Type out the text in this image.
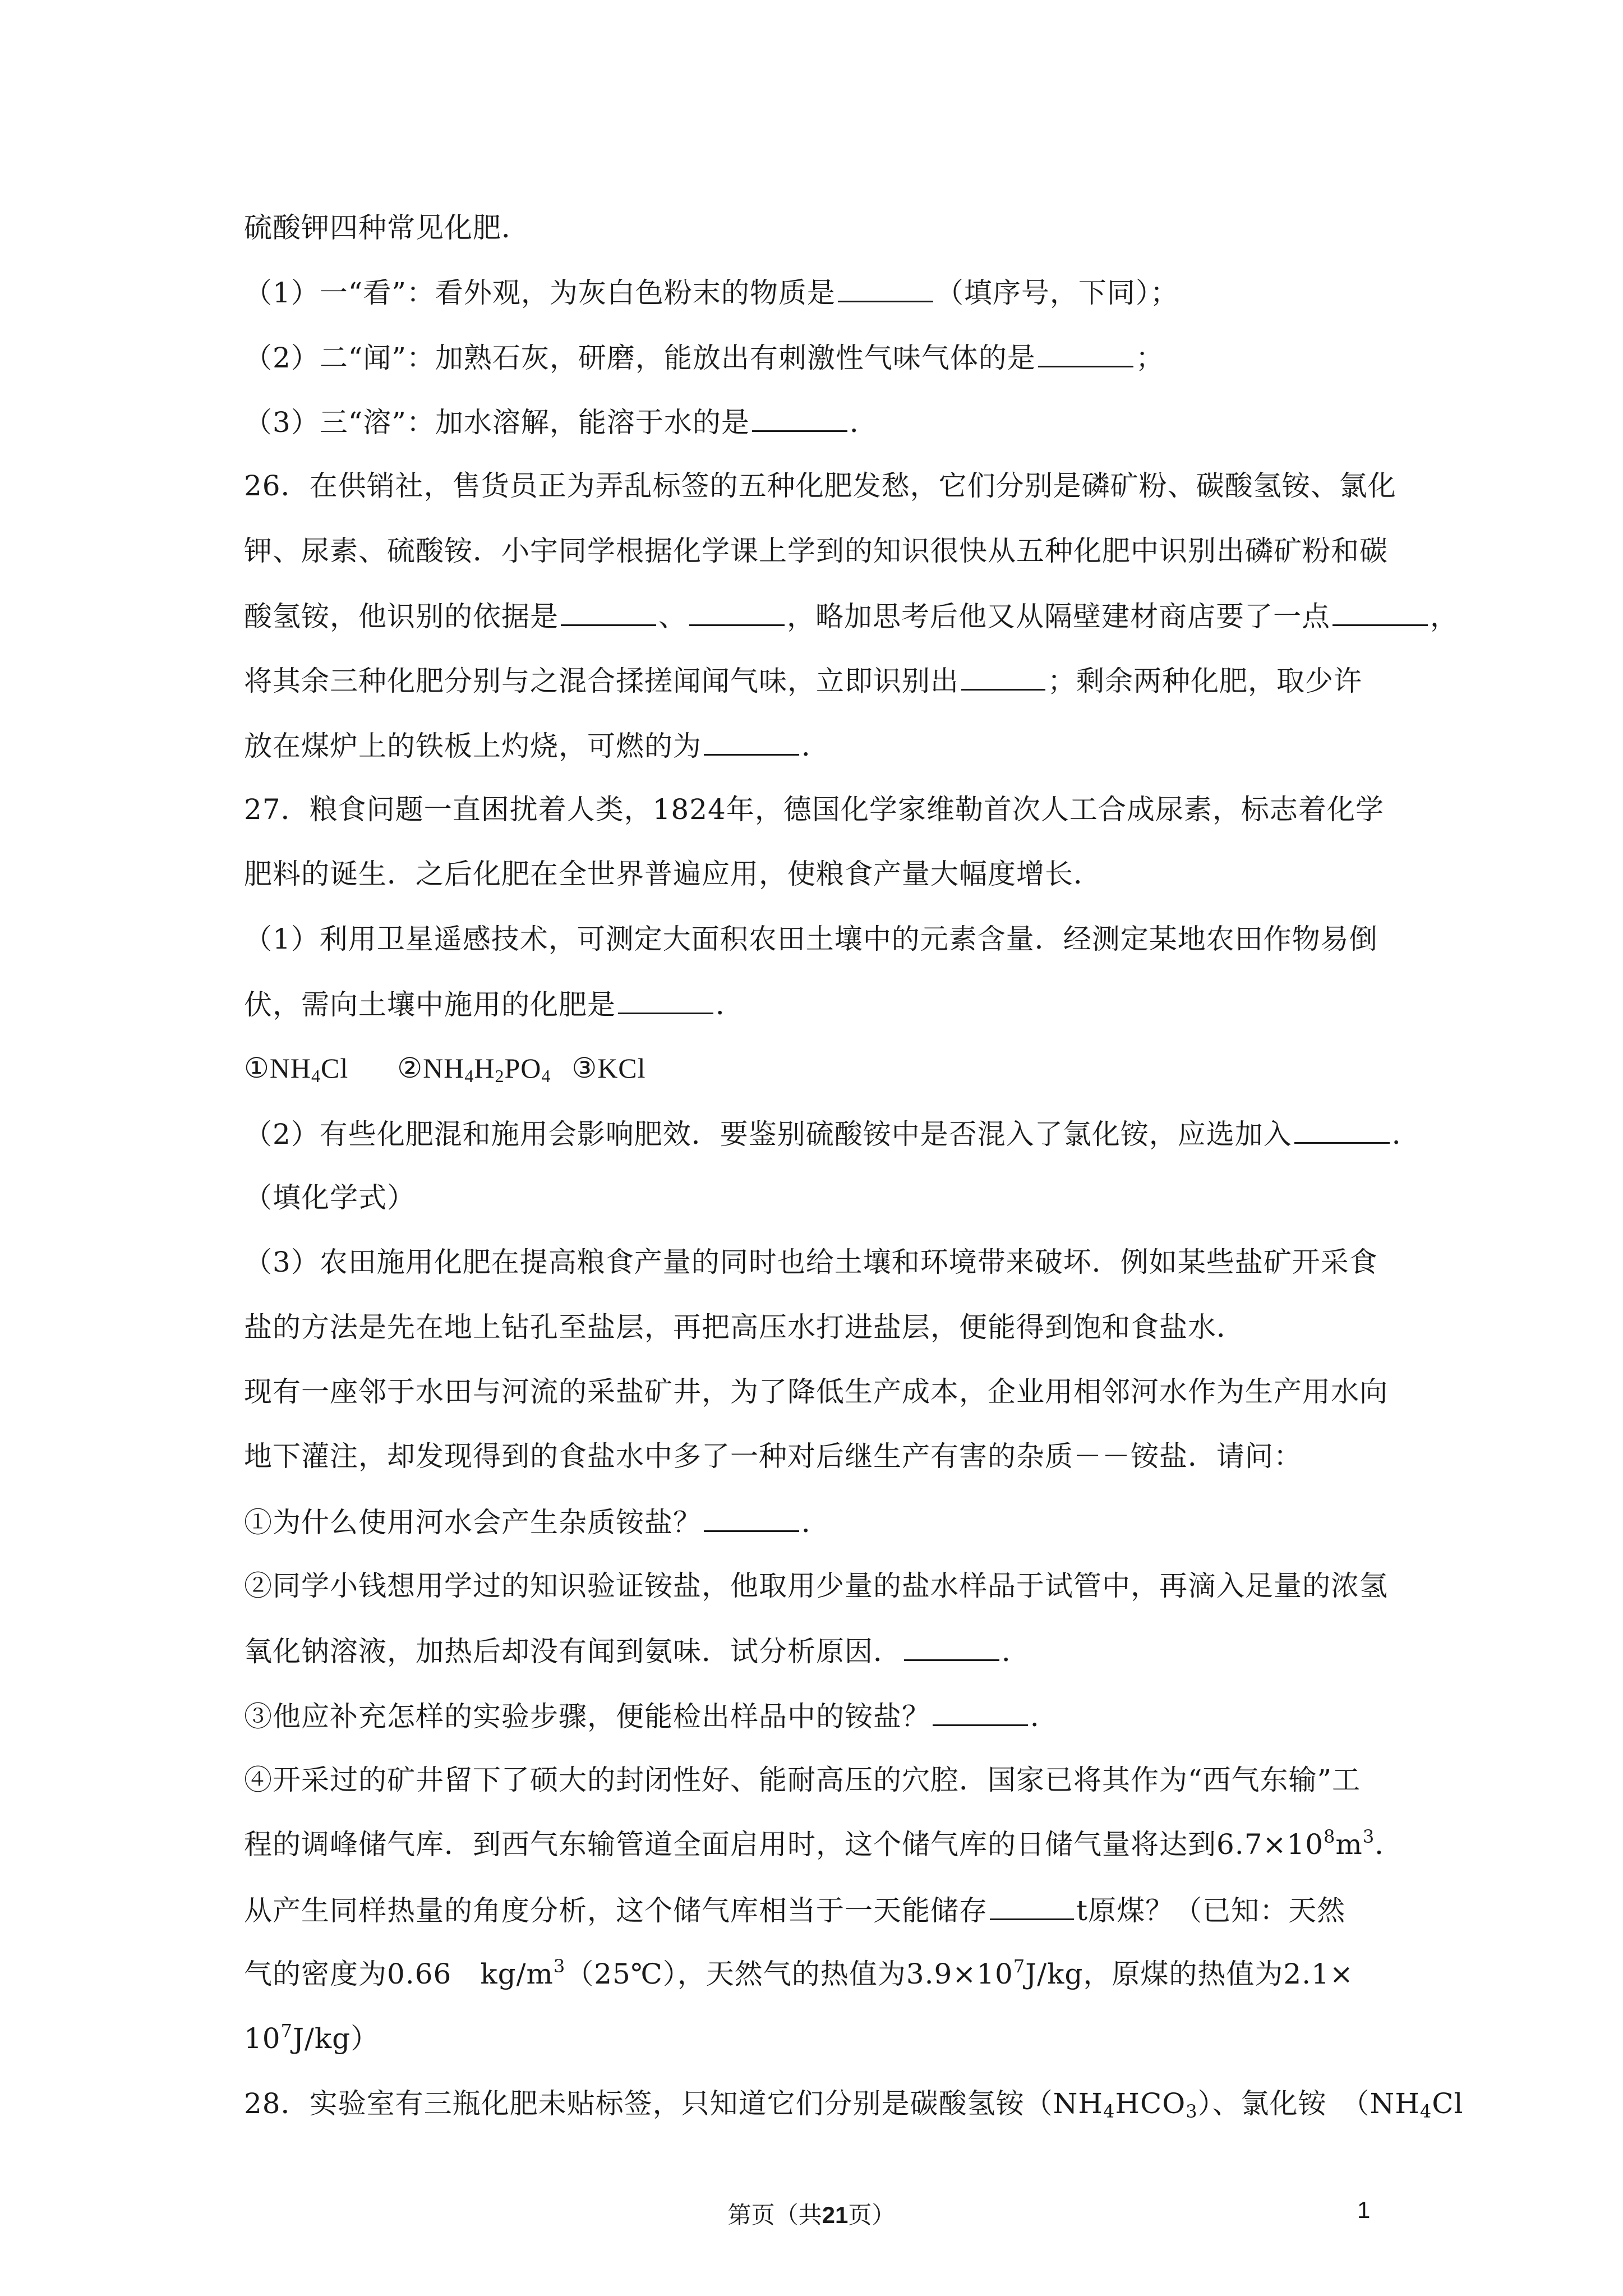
硫酸钾四种常见化肥．
（1）一“看”：看外观，为灰白色粉末的物质是	（填序号，下同）；
（2）二“闻”：加熟石灰，研磨，能放出有刺激性气味气体的是	；
（3）三“溶”：加水溶解，能溶于水的是	．
26．在供销社，售货员正为弄乱标签的五种化肥发愁，它们分别是磷矿粉、碳酸氢铵、氯化
钾、尿素、硫酸铵．小宇同学根据化学课上学到的知识很快从五种化肥中识别出磷矿粉和碳
酸氢铵，他识别的依据是	、	，略加思考后他又从隔壁建材商店要了一点	，
将其余三种化肥分别与之混合揉搓闻闻气味，立即识别出	；剩余两种化肥，取少许
放在煤炉上的铁板上灼烧，可燃的为	．
27．粮食问题一直困扰着人类，1824年，德国化学家维勒首次人工合成尿素，标志着化学
肥料的诞生．之后化肥在全世界普遍应用，使粮食产量大幅度增长．
（1）利用卫星遥感技术，可测定大面积农田土壤中的元素含量．经测定某地农田作物易倒
伏，需向土壤中施用的化肥是	．
$①NH_4Cl$ $②NH_4H_2PO_4$ ③KCl
（2）有些化肥混和施用会影响肥效．要鉴别硫酸铵中是否混入了氯化铵，应选加入	．
（填化学式）
（3）农田施用化肥在提高粮食产量的同时也给土壤和环境带来破坏．例如某些盐矿开采食
盐的方法是先在地上钻孔至盐层，再把高压水打进盐层，便能得到饱和食盐水．
现有一座邻于水田与河流的采盐矿井，为了降低生产成本，企业用相邻河水作为生产用水向
地下灌注，却发现得到的食盐水中多了一种对后继生产有害的杂质－－铵盐．请问：
①为什么使用河水会产生杂质铵盐？	．
②同学小钱想用学过的知识验证铵盐，他取用少量的盐水样品于试管中，再滴入足量的浓氢
氧化钠溶液，加热后却没有闻到氨味．试分析原因．	．
③他应补充怎样的实验步骤，便能检出样品中的铵盐？	．
④开采过的矿井留下了硕大的封闭性好、能耐高压的穴腔．国家已将其作为“西气东输”工
程的调峰储气库．到西气东输管道全面启用时，这个储气库的日储气量将达到$6.7\times 10^8m^3$．
从产生同样热量的角度分析，这个储气库相当于一天能储存	t原煤？（已知：天然
气的密度为0.66　$kg/m^3(25℃)$，天然气的热值为$3.9\times 10^7J/kg$，原煤的热值为2.1×
$10^7J/kg$）
28．实验室有三瓶化肥未贴标签，只知道它们分别是碳酸氢铵$(NH_4HCO_3)$、氯化铵　（$NH_4Cl$
第页（共21页）	1
